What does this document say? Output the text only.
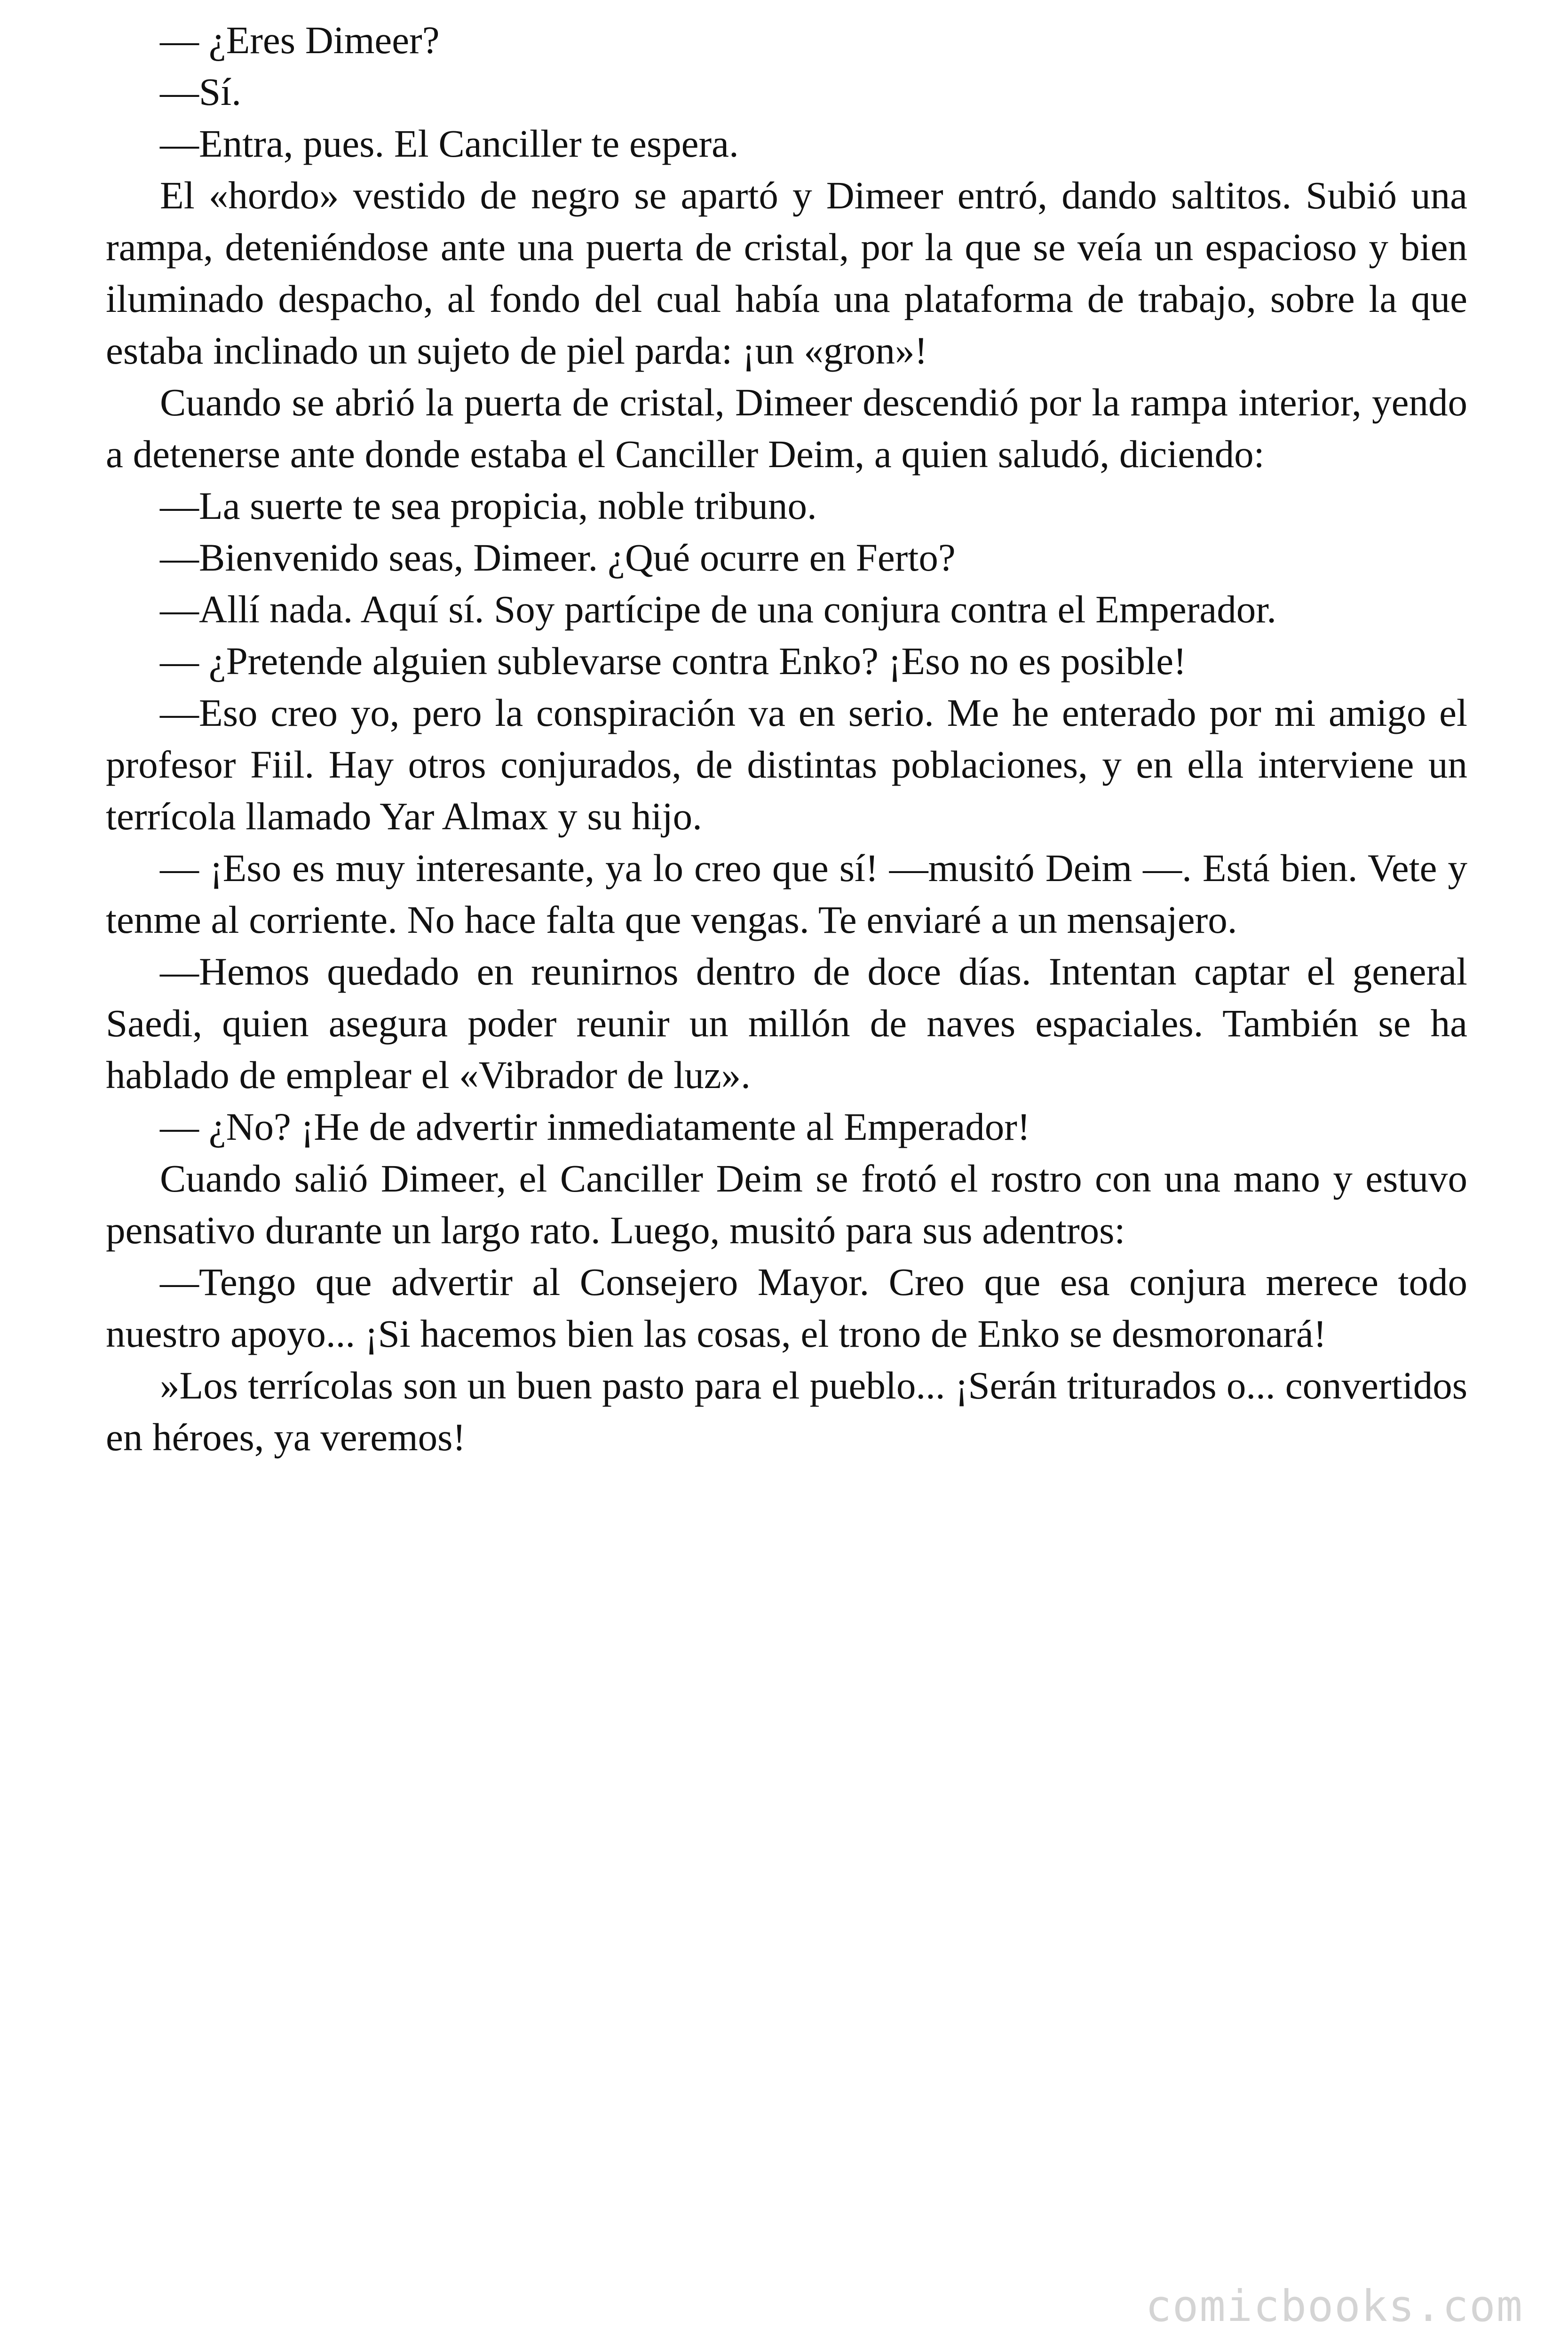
— ¿Eres Dimeer?

—Sí.

—Entra, pues. El Canciller te espera.

El «hordo» vestido de negro se apartó y Dimeer entró, dando saltitos. Subió una rampa, deteniéndose ante una puerta de cristal, por la que se veía un espacioso y bien iluminado despacho, al fondo del cual había una plataforma de trabajo, sobre la que estaba inclinado un sujeto de piel parda: ¡un «gron»!

Cuando se abrió la puerta de cristal, Dimeer descendió por la rampa interior, yendo a detenerse ante donde estaba el Canciller Deim, a quien saludó, diciendo:

—La suerte te sea propicia, noble tribuno.

—Bienvenido seas, Dimeer. ¿Qué ocurre en Ferto?

—Allí nada. Aquí sí. Soy partícipe de una conjura contra el Emperador.

— ¿Pretende alguien sublevarse contra Enko? ¡Eso no es posible!

—Eso creo yo, pero la conspiración va en serio. Me he enterado por mi amigo el profesor Fiil. Hay otros conjurados, de distintas poblaciones, y en ella interviene un terrícola llamado Yar Almax y su hijo.

— ¡Eso es muy interesante, ya lo creo que sí! —musitó Deim —. Está bien. Vete y tenme al corriente. No hace falta que vengas. Te enviaré a un mensajero.

—Hemos quedado en reunirnos dentro de doce días. Intentan captar el general Saedi, quien asegura poder reunir un millón de naves espaciales. También se ha hablado de emplear el «Vibrador de luz».

— ¿No? ¡He de advertir inmediatamente al Emperador!

Cuando salió Dimeer, el Canciller Deim se frotó el rostro con una mano y estuvo pensativo durante un largo rato. Luego, musitó para sus adentros:

—Tengo que advertir al Consejero Mayor. Creo que esa conjura merece todo nuestro apoyo... ¡Si hacemos bien las cosas, el trono de Enko se desmoronará!

»Los terrícolas son un buen pasto para el pueblo... ¡Serán triturados o... convertidos en héroes, ya veremos!

comicbooks.com
